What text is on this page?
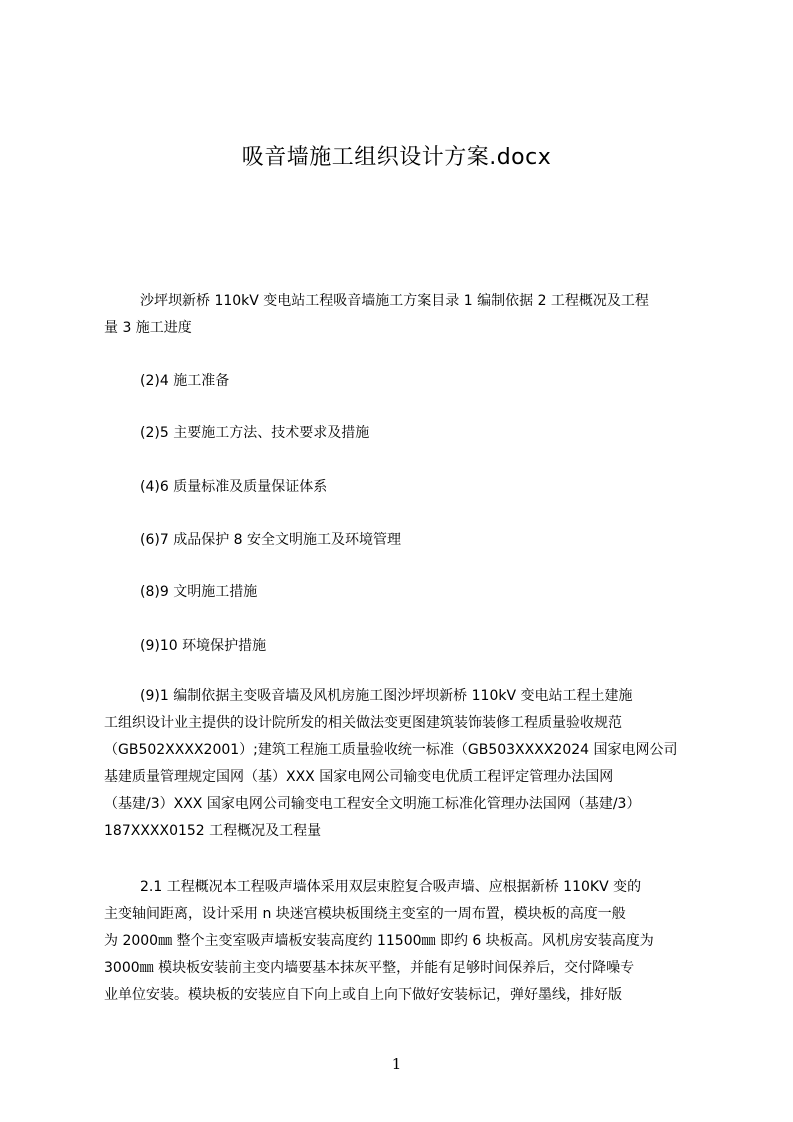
吸音墙施工组织设计方案.docx
沙坪坝新桥 110kV 变电站工程吸音墙施工方案目录 1 编制依据 2 工程概况及工程
量 3 施工进度
(2)4 施工准备
(2)5 主要施工方法、技术要求及措施
(4)6 质量标准及质量保证体系
(6)7 成品保护 8 安全文明施工及环境管理
(8)9 文明施工措施
(9)10 环境保护措施
(9)1 编制依据主变吸音墙及风机房施工图沙坪坝新桥 110kV 变电站工程土建施
工组织设计业主提供的设计院所发的相关做法变更图建筑装饰装修工程质量验收规范
（GB502XXXX2001）;建筑工程施工质量验收统一标准（GB503XXXX2024 国家电网公司
基建质量管理规定国网（基）XXX 国家电网公司输变电优质工程评定管理办法国网
（基建/3）XXX 国家电网公司输变电工程安全文明施工标准化管理办法国网（基建/3）
187XXXX0152 工程概况及工程量
2.1 工程概况本工程吸声墙体采用双层束腔复合吸声墙、应根据新桥 110KV 变的
主变轴间距离，设计采用 n 块迷宫模块板围绕主变室的一周布置，模块板的高度一般
为 2000㎜ 整个主变室吸声墙板安装高度约 11500㎜ 即约 6 块板高。风机房安装高度为
3000㎜ 模块板安装前主变内墙要基本抹灰平整，并能有足够时间保养后，交付降噪专
业单位安装。模块板的安装应自下向上或自上向下做好安装标记，弹好墨线，排好版
1
